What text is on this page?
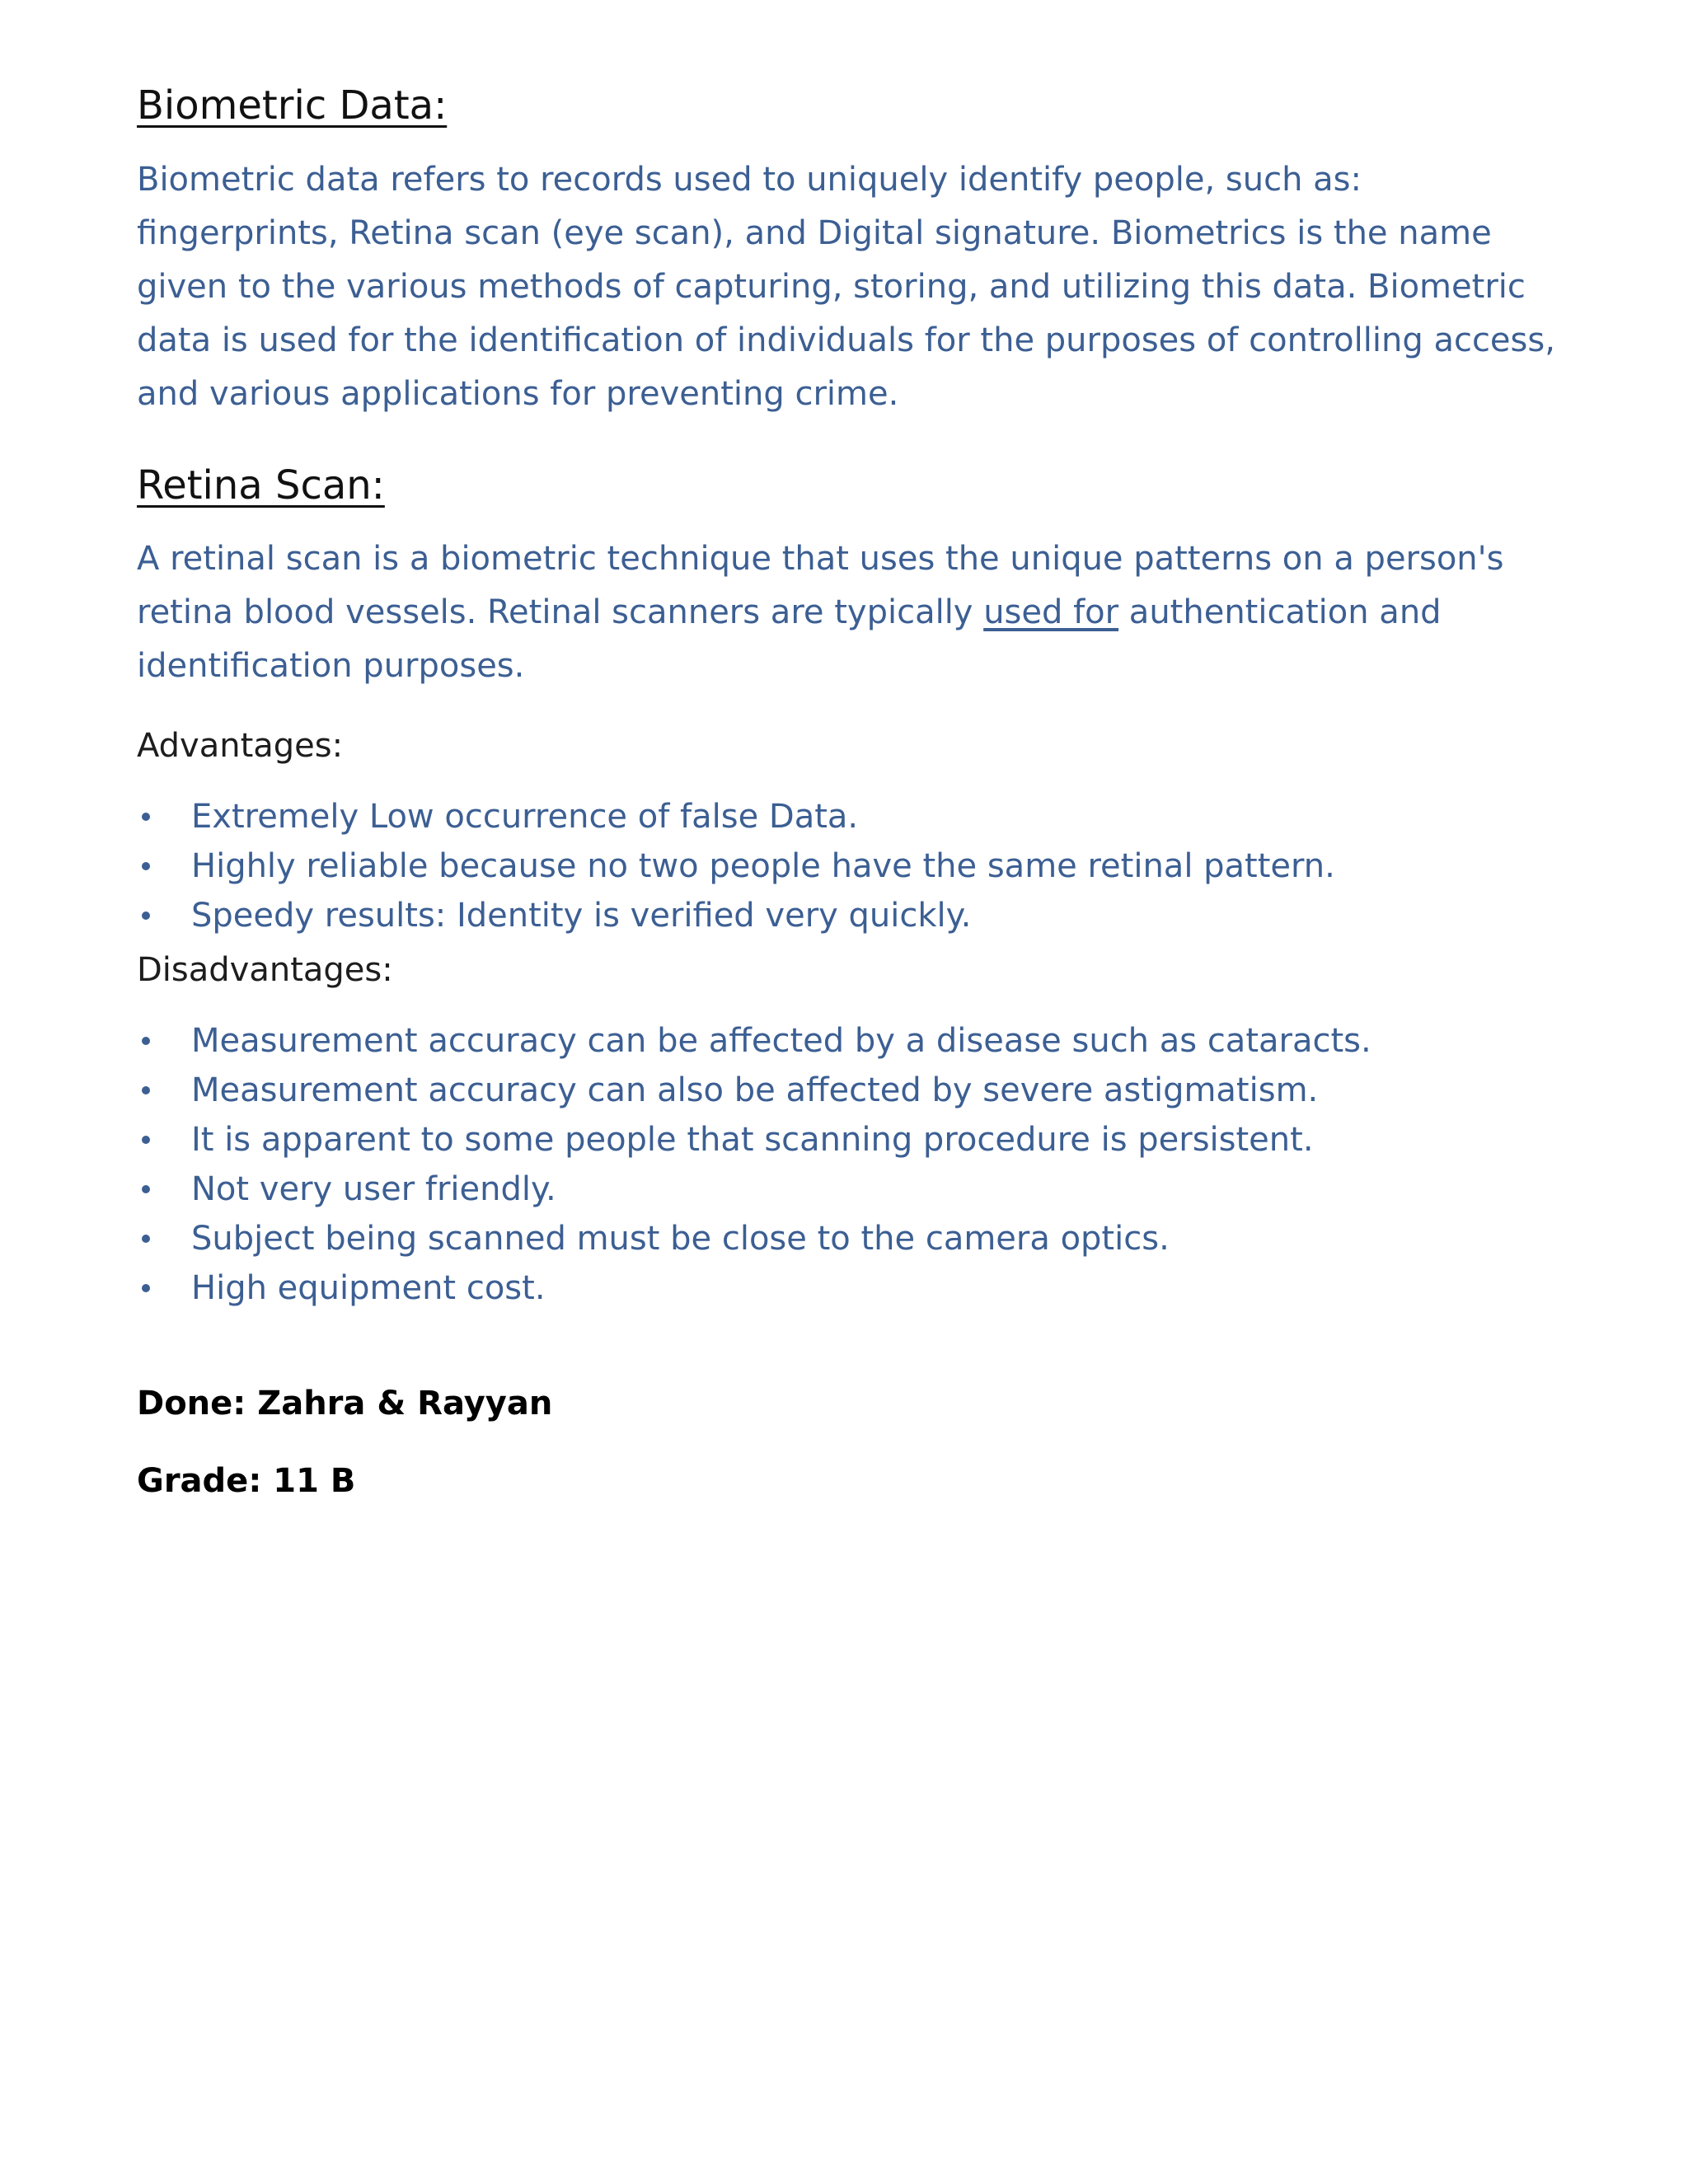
Biometric Data:

Biometric data refers to records used to uniquely identify people, such as: fingerprints, Retina scan (eye scan), and Digital signature. Biometrics is the name given to the various methods of capturing, storing, and utilizing this data. Biometric data is used for the identification of individuals for the purposes of controlling access, and various applications for preventing crime.

Retina Scan:

A retinal scan is a biometric technique that uses the unique patterns on a person's retina blood vessels. Retinal scanners are typically used for authentication and identification purposes.

Advantages:

Extremely Low occurrence of false Data.
Highly reliable because no two people have the same retinal pattern.
Speedy results: Identity is verified very quickly.

Disadvantages:

Measurement accuracy can be affected by a disease such as cataracts.
Measurement accuracy can also be affected by severe astigmatism.
It is apparent to some people that scanning procedure is persistent.
Not very user friendly.
Subject being scanned must be close to the camera optics.
High equipment cost.

Done: Zahra & Rayyan

Grade: 11 B
